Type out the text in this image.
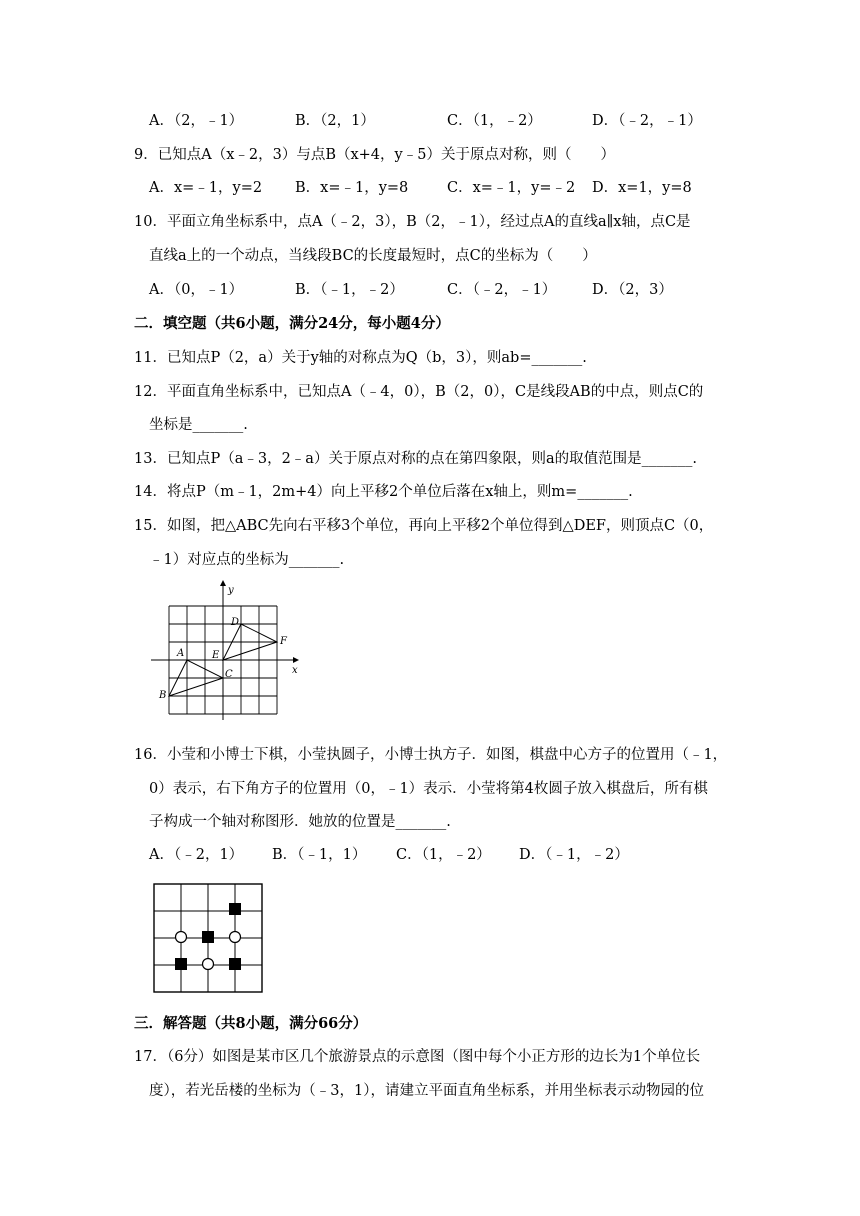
A．（2，﹣1）	B．（2，1）	C．（1，﹣2）	D．（﹣2，﹣1）
9．已知点A（x﹣2，3）与点B（x+4，y﹣5）关于原点对称，则（　　）
A．x=﹣1，y=2 B．x=﹣1，y=8	C．x=﹣1，y=﹣2 D．x=1，y=8
10．平面立角坐标系中，点A（﹣2，3），B（2，﹣1），经过点A的直线a∥x轴，点C是
直线a上的一个动点，当线段BC的长度最短时，点C的坐标为（　　）
A．（0，﹣1）	B．（﹣1，﹣2）	C．（﹣2，﹣1） D．（2，3）
二．填空题（共6小题，满分24分，每小题4分）
11．已知点P（2，a）关于y轴的对称点为Q（b，3），则ab=_______.
12．平面直角坐标系中，已知点A（﹣4，0），B（2，0），C是线段AB的中点，则点C的
坐标是_______.
13．已知点P（a﹣3，2﹣a）关于原点对称的点在第四象限，则a的取值范围是_______.
14．将点P（m﹣1，2m+4）向上平移2个单位后落在x轴上，则m=_______.
15．如图，把△ABC先向右平移3个单位，再向上平移2个单位得到△DEF，则顶点C（0，
﹣1）对应点的坐标为_______.
y
x
D
F
A	E
C
B
16．小莹和小博士下棋，小莹执圆子，小博士执方子．如图，棋盘中心方子的位置用（﹣1，
0）表示，右下角方子的位置用（0，﹣1）表示．小莹将第4枚圆子放入棋盘后，所有棋
子构成一个轴对称图形．她放的位置是_______.
A．（﹣2，1） B．（﹣1，1） C．（1，﹣2） D．（﹣1，﹣2）
三．解答题（共8小题，满分66分）
17．（6分）如图是某市区几个旅游景点的示意图（图中每个小正方形的边长为1个单位长
度），若光岳楼的坐标为（﹣3，1），请建立平面直角坐标系，并用坐标表示动物园的位
